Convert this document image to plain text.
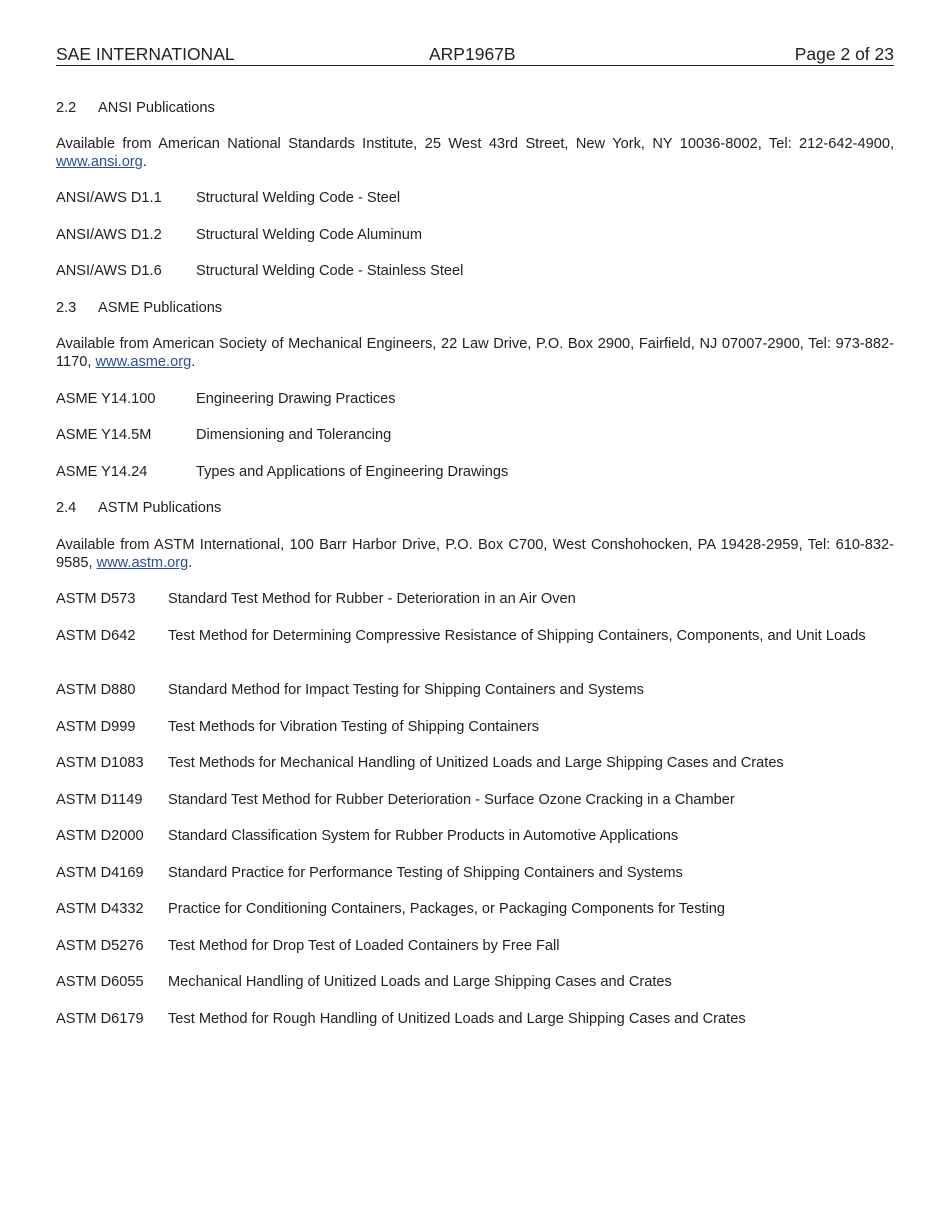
SAE INTERNATIONAL	ARP1967B	Page 2 of 23
2.2 ANSI Publications
Available from American National Standards Institute, 25 West 43rd Street, New York, NY 10036-8002, Tel: 212-642-4900, www.ansi.org.
ANSI/AWS D1.1 Structural Welding Code - Steel
ANSI/AWS D1.2 Structural Welding Code Aluminum
ANSI/AWS D1.6 Structural Welding Code - Stainless Steel
2.3 ASME Publications
Available from American Society of Mechanical Engineers, 22 Law Drive, P.O. Box 2900, Fairfield, NJ 07007-2900, Tel: 973-882-1170, www.asme.org.
ASME Y14.100	Engineering Drawing Practices
ASME Y14.5M	Dimensioning and Tolerancing
ASME Y14.24	Types and Applications of Engineering Drawings
2.4 ASTM Publications
Available from ASTM International, 100 Barr Harbor Drive, P.O. Box C700, West Conshohocken, PA 19428-2959, Tel: 610-832-9585, www.astm.org.
ASTM D573 Standard Test Method for Rubber - Deterioration in an Air Oven
ASTM D642 Test Method for Determining Compressive Resistance of Shipping Containers, Components, and Unit Loads
ASTM D880 Standard Method for Impact Testing for Shipping Containers and Systems
ASTM D999 Test Methods for Vibration Testing of Shipping Containers
ASTM D1083 Test Methods for Mechanical Handling of Unitized Loads and Large Shipping Cases and Crates
ASTM D1149 Standard Test Method for Rubber Deterioration - Surface Ozone Cracking in a Chamber
ASTM D2000 Standard Classification System for Rubber Products in Automotive Applications
ASTM D4169 Standard Practice for Performance Testing of Shipping Containers and Systems
ASTM D4332 Practice for Conditioning Containers, Packages, or Packaging Components for Testing
ASTM D5276 Test Method for Drop Test of Loaded Containers by Free Fall
ASTM D6055 Mechanical Handling of Unitized Loads and Large Shipping Cases and Crates
ASTM D6179 Test Method for Rough Handling of Unitized Loads and Large Shipping Cases and Crates
